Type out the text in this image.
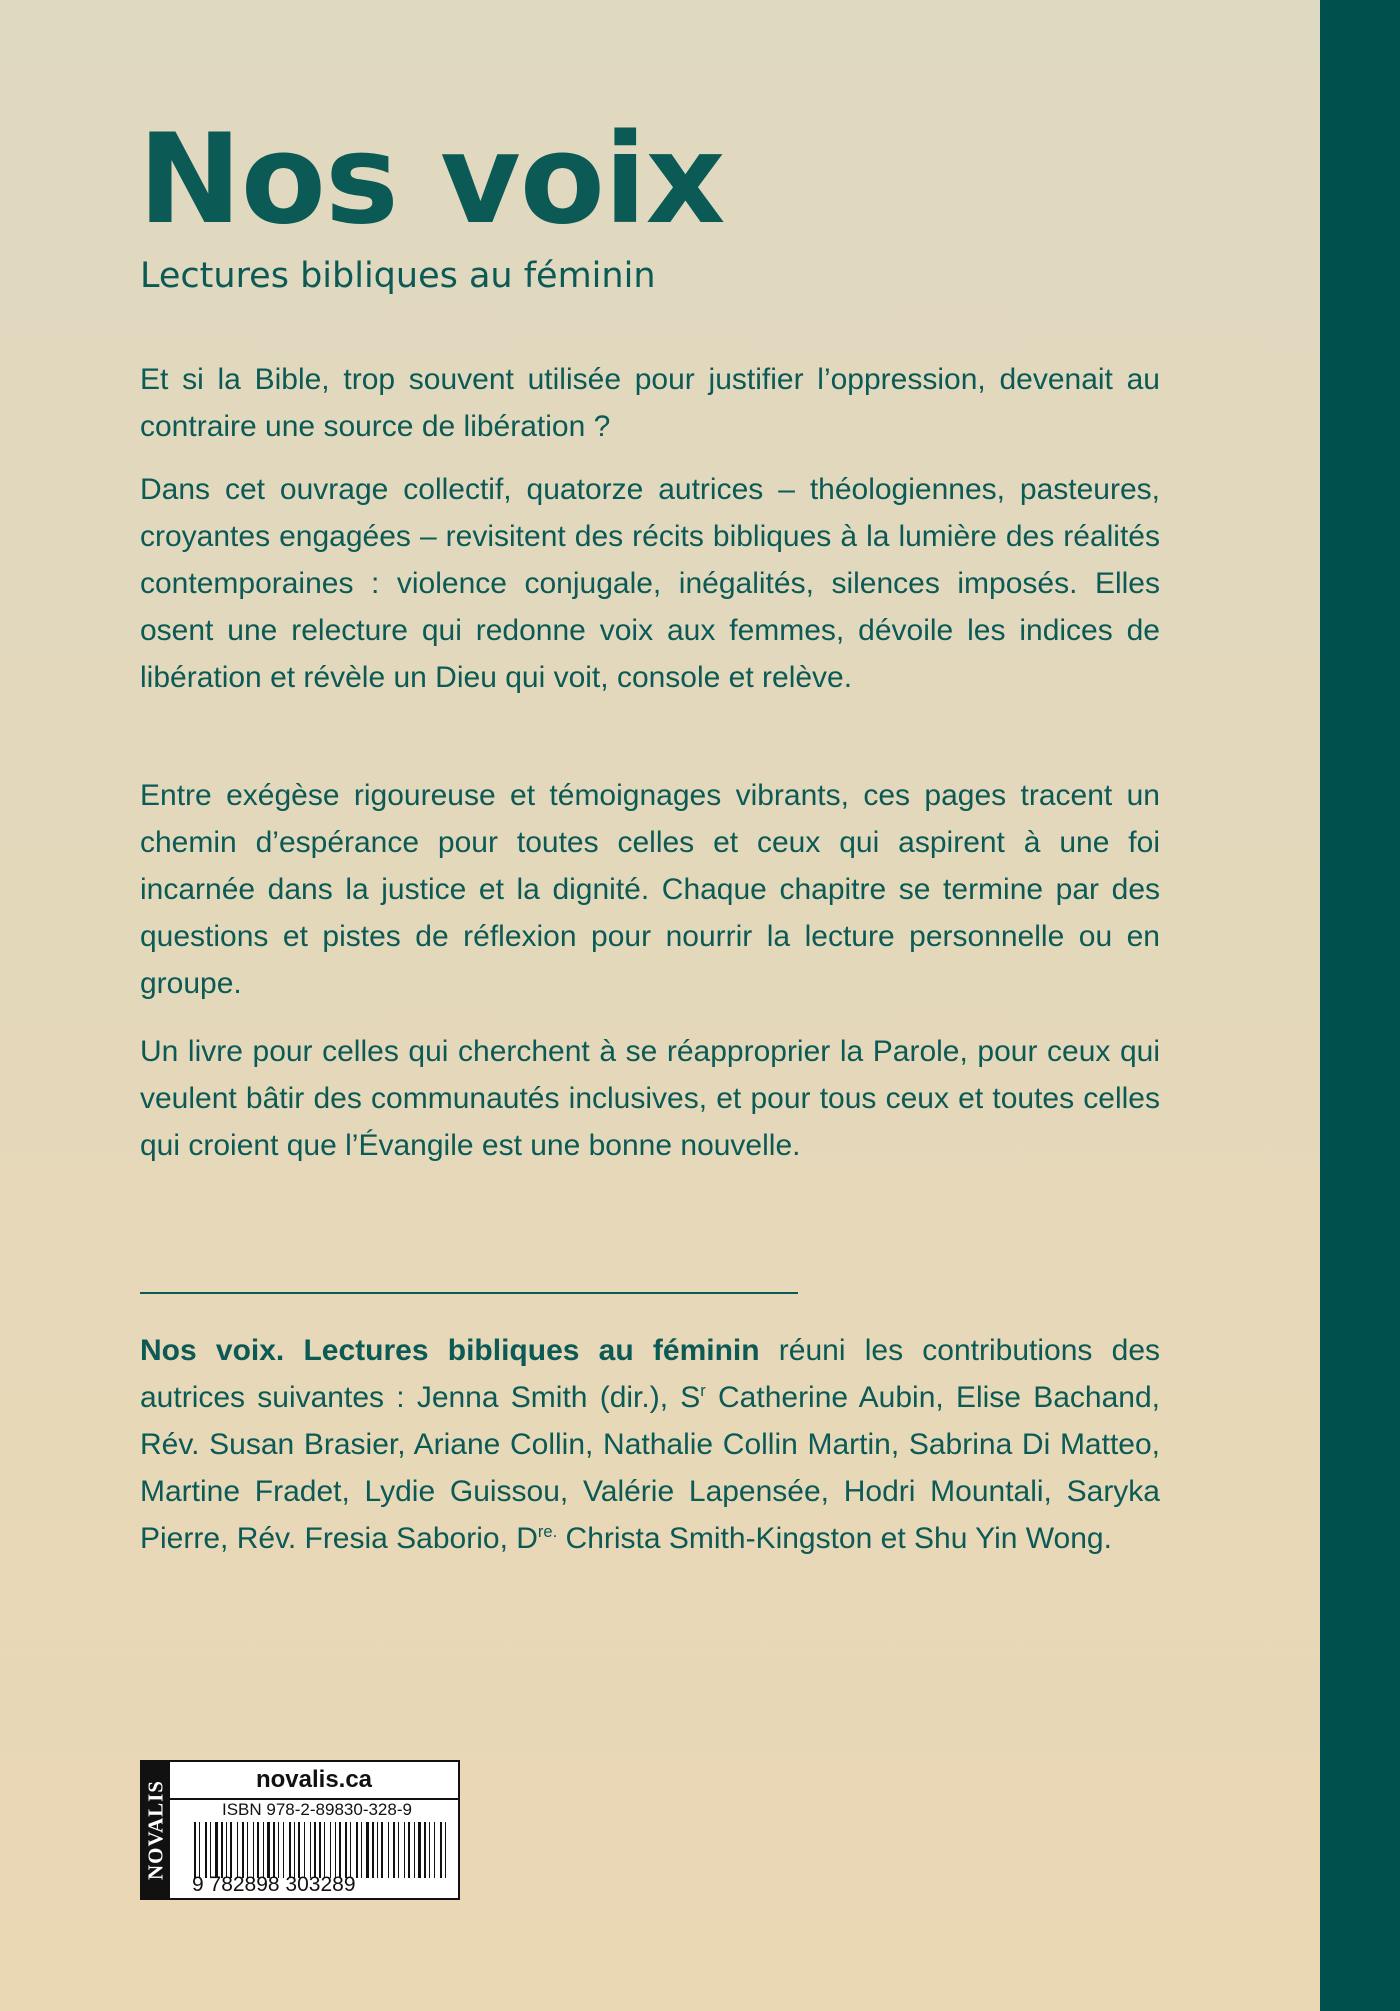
Nos voix
Lectures bibliques au féminin

Et si la Bible, trop souvent utilisée pour justifier l’oppression, devenait au contraire une source de libération ?

Dans cet ouvrage collectif, quatorze autrices – théologiennes, pasteures, croyantes engagées – revisitent des récits bibliques à la lumière des réalités contemporaines : violence conjugale, inégalités, silences imposés. Elles osent une relecture qui redonne voix aux femmes, dévoile les indices de libération et révèle un Dieu qui voit, console et relève.

Entre exégèse rigoureuse et témoignages vibrants, ces pages tracent un chemin d’espérance pour toutes celles et ceux qui aspirent à une foi incarnée dans la justice et la dignité. Chaque chapitre se termine par des questions et pistes de réflexion pour nourrir la lecture personnelle ou en groupe.

Un livre pour celles qui cherchent à se réapproprier la Parole, pour ceux qui veulent bâtir des communautés inclusives, et pour tous ceux et toutes celles qui croient que l’Évangile est une bonne nouvelle.

Nos voix. Lectures bibliques au féminin réuni les contributions des autrices suivantes : Jenna Smith (dir.), $S^r$ Catherine Aubin, Elise Bachand, Rév. Susan Brasier, Ariane Collin, Nathalie Collin Martin, Sabrina Di Matteo, Martine Fradet, Lydie Guissou, Valérie Lapensée, Hodri Mountali, Saryka Pierre, Rév. Fresia Saborio, $D^{re.}$ Christa Smith-Kingston et Shu Yin Wong.

NOVALIS
novalis.ca
ISBN 978-2-89830-328-9
9 782898 303289
